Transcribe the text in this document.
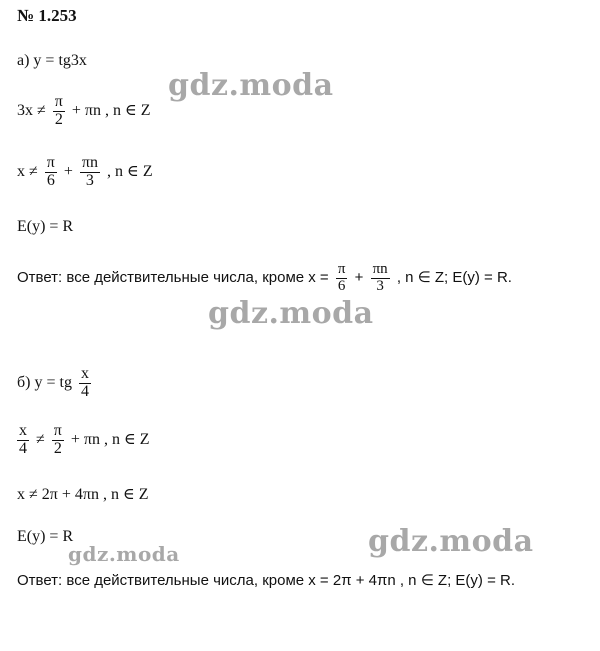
№ 1.253
а) y = tg3x
$3x \ne \frac{\pi}{2} + \pi n$ , n ∈ Z
$x \ne \frac{\pi}{6} + \frac{\pi n}{3}$ , n ∈ Z
E(y) = R
Ответ: все действительные числа, кроме $x = \frac{\pi}{6} + \frac{\pi n}{3}$ , n ∈ Z; E(y) = R.
б) y = tg $\frac{x}{4}$
$\frac{x}{4} \ne \frac{\pi}{2} + \pi n$ , n ∈ Z
x ≠ 2π + 4πn , n ∈ Z
E(y) = R
Ответ: все действительные числа, кроме x = 2π + 4πn , n ∈ Z; E(y) = R.
gdz.moda
gdz.moda
gdz.moda	gdz.moda
